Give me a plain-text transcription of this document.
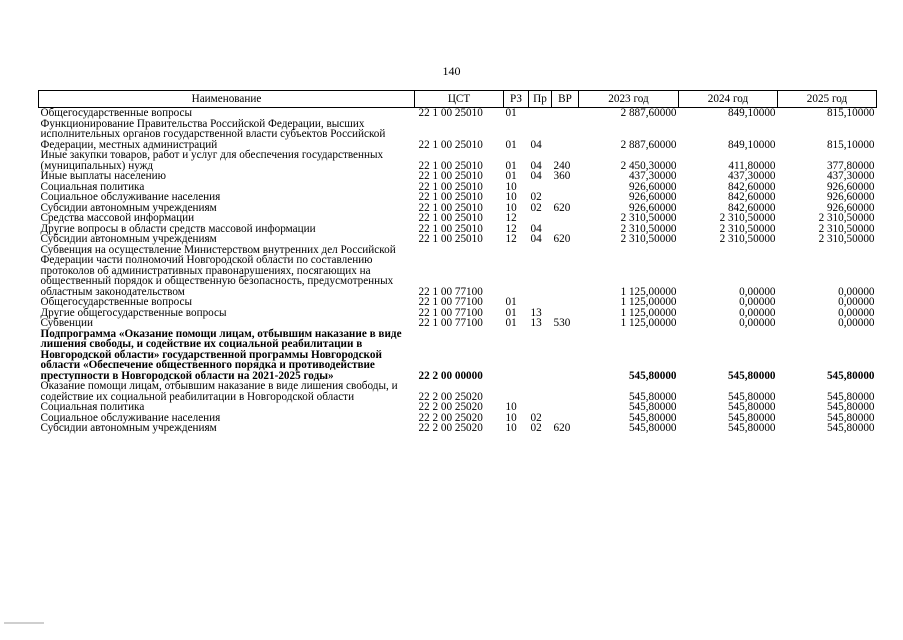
140
Наименование	ЦСТ	РЗ	Пр	ВР	2023 год	2024 год	2025 год
Общегосударственные вопросы	22 1 00 25010	01			2 887,60000	849,10000	815,10000
Функционирование Правительства Российской Федерации, высших исполнительных органов государственной власти субъектов Российской Федерации, местных администраций	22 1 00 25010	01	04		2 887,60000	849,10000	815,10000
Иные закупки товаров, работ и услуг для обеспечения государственных (муниципальных) нужд	22 1 00 25010	01	04	240	2 450,30000	411,80000	377,80000
Иные выплаты населению	22 1 00 25010	01	04	360	437,30000	437,30000	437,30000
Социальная политика	22 1 00 25010	10			926,60000	842,60000	926,60000
Социальное обслуживание населения	22 1 00 25010	10	02		926,60000	842,60000	926,60000
Субсидии автономным учреждениям	22 1 00 25010	10	02	620	926,60000	842,60000	926,60000
Средства массовой информации	22 1 00 25010	12			2 310,50000	2 310,50000	2 310,50000
Другие вопросы в области средств массовой информации	22 1 00 25010	12	04		2 310,50000	2 310,50000	2 310,50000
Субсидии автономным учреждениям	22 1 00 25010	12	04	620	2 310,50000	2 310,50000	2 310,50000
Субвенция на осуществление Министерством внутренних дел Российской Федерации части полномочий Новгородской области по составлению протоколов об административных правонарушениях, посягающих на общественный порядок и общественную безопасность, предусмотренных областным законодательством	22 1 00 77100				1 125,00000	0,00000	0,00000
Общегосударственные вопросы	22 1 00 77100	01			1 125,00000	0,00000	0,00000
Другие общегосударственные вопросы	22 1 00 77100	01	13		1 125,00000	0,00000	0,00000
Субвенции	22 1 00 77100	01	13	530	1 125,00000	0,00000	0,00000
Подпрограмма «Оказание помощи лицам, отбывшим наказание в виде лишения свободы, и содействие их социальной реабилитации в Новгородской области» государственной программы Новгородской области «Обеспечение общественного порядка и противодействие преступности в Новгородской области на 2021-2025 годы»	22 2 00 00000				545,80000	545,80000	545,80000
Оказание помощи лицам, отбывшим наказание в виде лишения свободы, и содействие их социальной реабилитации в Новгородской области	22 2 00 25020				545,80000	545,80000	545,80000
Социальная политика	22 2 00 25020	10			545,80000	545,80000	545,80000
Социальное обслуживание населения	22 2 00 25020	10	02		545,80000	545,80000	545,80000
Субсидии автономным учреждениям	22 2 00 25020	10	02	620	545,80000	545,80000	545,80000
